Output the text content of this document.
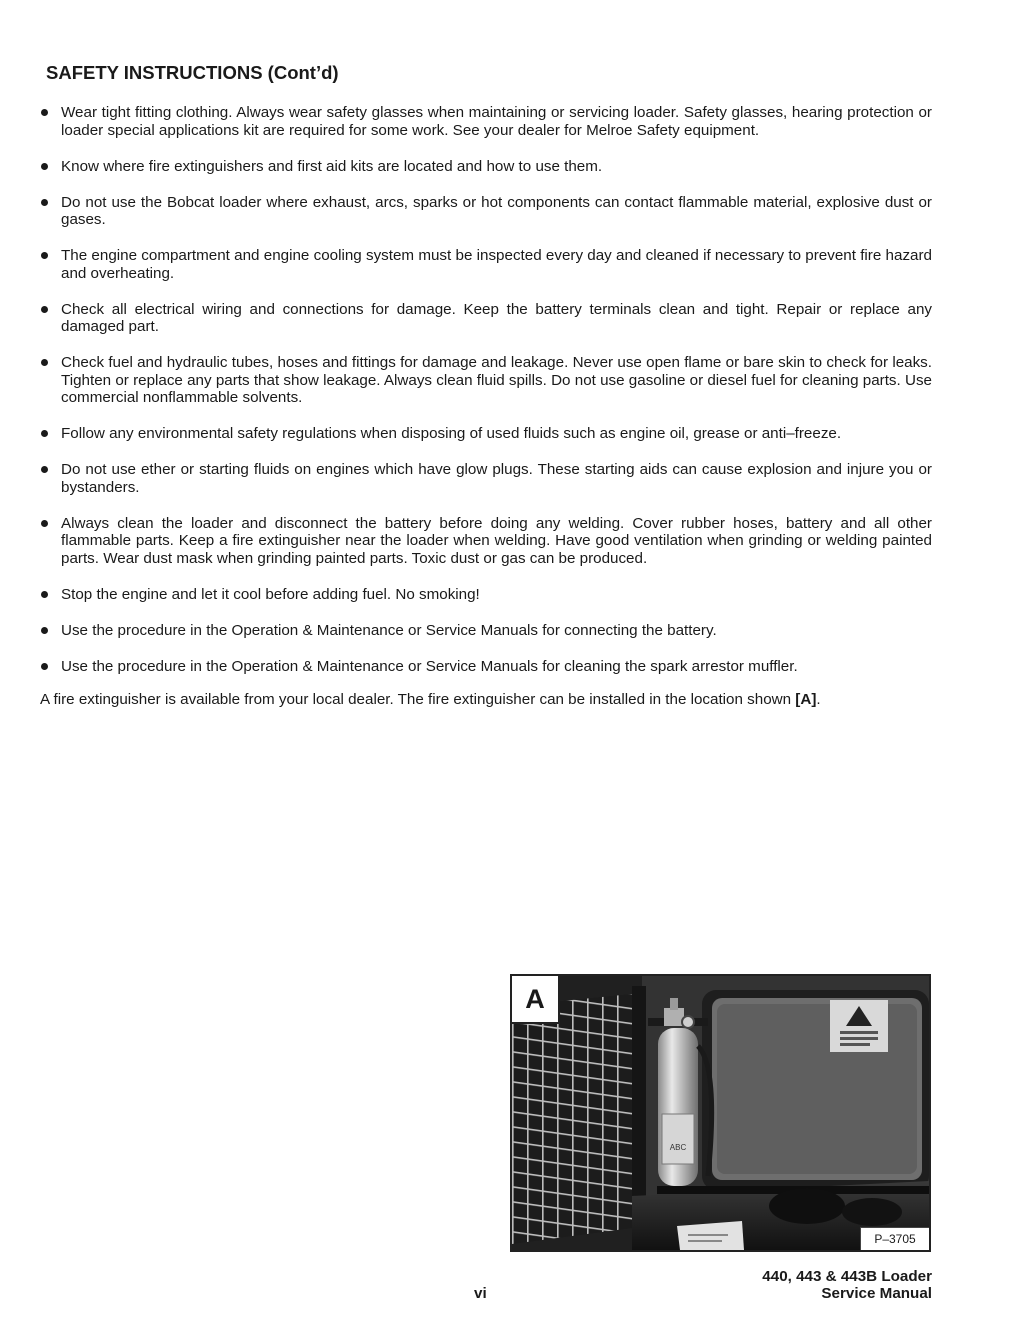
SAFETY INSTRUCTIONS (Cont’d)
Wear tight fitting clothing. Always wear safety glasses when maintaining or servicing loader. Safety glasses, hearing protection or loader special applications kit are required for some work. See your dealer for Melroe Safety equipment.
Know where fire extinguishers and first aid kits are located and how to use them.
Do not use the Bobcat loader where exhaust, arcs, sparks or hot components can contact flammable material, explosive dust or gases.
The engine compartment and engine cooling system must be inspected every day and cleaned if necessary to prevent fire hazard and overheating.
Check all electrical wiring and connections for damage. Keep the battery terminals clean and tight. Repair or replace any damaged part.
Check fuel and hydraulic tubes, hoses and fittings for damage and leakage. Never use open flame or bare skin to check for leaks. Tighten or replace any parts that show leakage. Always clean fluid spills. Do not use gasoline or diesel fuel for cleaning parts. Use commercial nonflammable solvents.
Follow any environmental safety regulations when disposing of used fluids such as engine oil, grease or anti–freeze.
Do not use ether or starting fluids on engines which have glow plugs. These starting aids can cause explosion and injure you or bystanders.
Always clean the loader and disconnect the battery before doing any welding. Cover rubber hoses, battery and all other flammable parts. Keep a fire extinguisher near the loader when welding. Have good ventilation when grinding or welding painted parts. Wear dust mask when grinding painted parts. Toxic dust or gas can be produced.
Stop the engine and let it cool before adding fuel. No smoking!
Use the procedure in the Operation & Maintenance or Service Manuals for connecting the battery.
Use the procedure in the Operation & Maintenance or Service Manuals for cleaning the spark arrestor muffler.

A fire extinguisher is available from your local dealer. The fire extinguisher can be installed in the location shown [A].

ABC
A
P–3705
440, 443 & 443B Loader
Service Manual
vi
